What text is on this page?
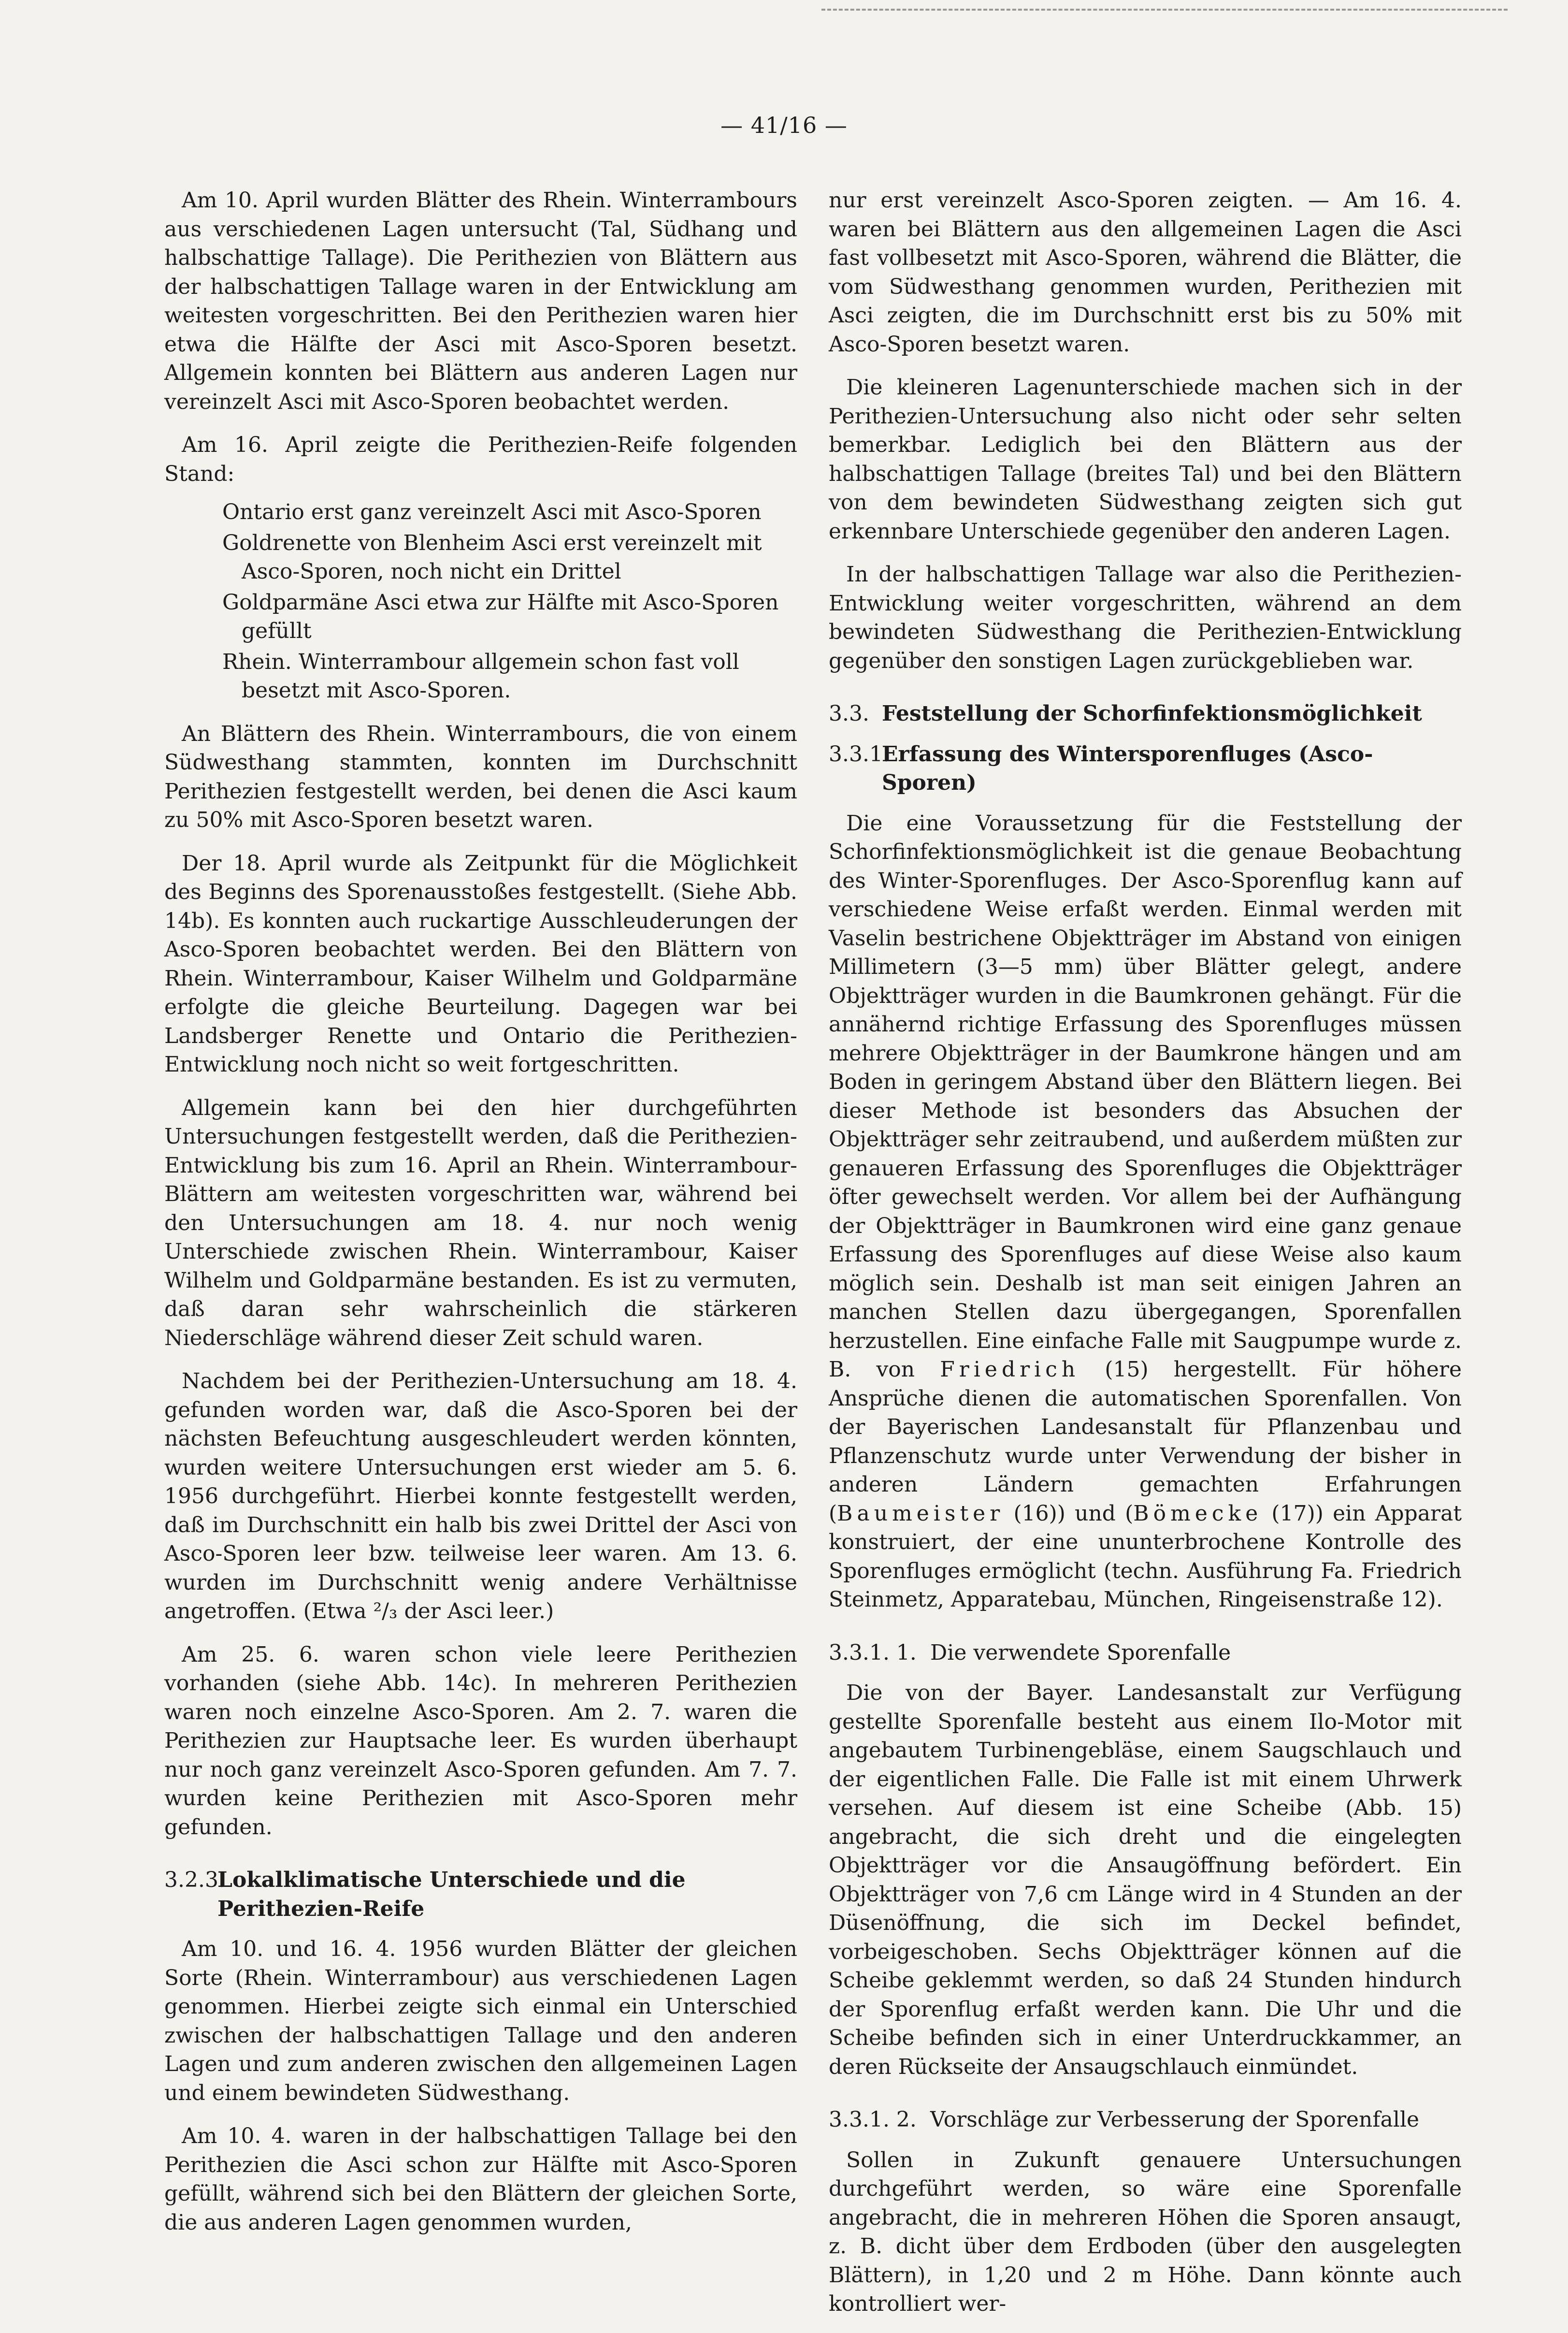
— 41/16 —

Am 10. April wurden Blätter des Rhein. Winterrambours aus verschiedenen Lagen untersucht (Tal, Südhang und halbschattige Tallage). Die Perithezien von Blättern aus der halbschattigen Tallage waren in der Entwicklung am weitesten vorgeschritten. Bei den Perithezien waren hier etwa die Hälfte der Asci mit Asco-Sporen besetzt. Allgemein konnten bei Blättern aus anderen Lagen nur vereinzelt Asci mit Asco-Sporen beobachtet werden.

Am 16. April zeigte die Perithezien-Reife folgenden Stand:

Ontario erst ganz vereinzelt Asci mit Asco-Sporen
Goldrenette von Blenheim Asci erst vereinzelt mit Asco-Sporen, noch nicht ein Drittel
Goldparmäne Asci etwa zur Hälfte mit Asco-Sporen gefüllt
Rhein. Winterrambour allgemein schon fast voll besetzt mit Asco-Sporen.

An Blättern des Rhein. Winterrambours, die von einem Südwesthang stammten, konnten im Durchschnitt Perithezien festgestellt werden, bei denen die Asci kaum zu 50% mit Asco-Sporen besetzt waren.

Der 18. April wurde als Zeitpunkt für die Möglichkeit des Beginns des Sporenausstoßes festgestellt. (Siehe Abb. 14b). Es konnten auch ruckartige Ausschleuderungen der Asco-Sporen beobachtet werden. Bei den Blättern von Rhein. Winterrambour, Kaiser Wilhelm und Goldparmäne erfolgte die gleiche Beurteilung. Dagegen war bei Landsberger Renette und Ontario die Perithezien-Entwicklung noch nicht so weit fortgeschritten.

Allgemein kann bei den hier durchgeführten Untersuchungen festgestellt werden, daß die Perithezien-Entwicklung bis zum 16. April an Rhein. Winterrambour-Blättern am weitesten vorgeschritten war, während bei den Untersuchungen am 18. 4. nur noch wenig Unterschiede zwischen Rhein. Winterrambour, Kaiser Wilhelm und Goldparmäne bestanden. Es ist zu vermuten, daß daran sehr wahrscheinlich die stärkeren Niederschläge während dieser Zeit schuld waren.

Nachdem bei der Perithezien-Untersuchung am 18. 4. gefunden worden war, daß die Asco-Sporen bei der nächsten Befeuchtung ausgeschleudert werden könnten, wurden weitere Untersuchungen erst wieder am 5. 6. 1956 durchgeführt. Hierbei konnte festgestellt werden, daß im Durchschnitt ein halb bis zwei Drittel der Asci von Asco-Sporen leer bzw. teilweise leer waren. Am 13. 6. wurden im Durchschnitt wenig andere Verhältnisse angetroffen. (Etwa ²/₃ der Asci leer.)

Am 25. 6. waren schon viele leere Perithezien vorhanden (siehe Abb. 14c). In mehreren Perithezien waren noch einzelne Asco-Sporen. Am 2. 7. waren die Perithezien zur Hauptsache leer. Es wurden überhaupt nur noch ganz vereinzelt Asco-Sporen gefunden. Am 7. 7. wurden keine Perithezien mit Asco-Sporen mehr gefunden.

3.2.3.
Lokalklimatische Unterschiede und die Perithezien-Reife

Am 10. und 16. 4. 1956 wurden Blätter der gleichen Sorte (Rhein. Winterrambour) aus verschiedenen Lagen genommen. Hierbei zeigte sich einmal ein Unterschied zwischen der halbschattigen Tallage und den anderen Lagen und zum anderen zwischen den allgemeinen Lagen und einem bewindeten Südwesthang.

Am 10. 4. waren in der halbschattigen Tallage bei den Perithezien die Asci schon zur Hälfte mit Asco-Sporen gefüllt, während sich bei den Blättern der gleichen Sorte, die aus anderen Lagen genommen wurden,

nur erst vereinzelt Asco-Sporen zeigten. — Am 16. 4. waren bei Blättern aus den allgemeinen Lagen die Asci fast vollbesetzt mit Asco-Sporen, während die Blätter, die vom Südwesthang genommen wurden, Perithezien mit Asci zeigten, die im Durchschnitt erst bis zu 50% mit Asco-Sporen besetzt waren.

Die kleineren Lagenunterschiede machen sich in der Perithezien-Untersuchung also nicht oder sehr selten bemerkbar. Lediglich bei den Blättern aus der halbschattigen Tallage (breites Tal) und bei den Blättern von dem bewindeten Südwesthang zeigten sich gut erkennbare Unterschiede gegenüber den anderen Lagen.

In der halbschattigen Tallage war also die Perithezien-Entwicklung weiter vorgeschritten, während an dem bewindeten Südwesthang die Perithezien-Entwicklung gegenüber den sonstigen Lagen zurückgeblieben war.

3.3. Feststellung der Schorfinfektionsmöglichkeit
3.3.1.
Erfassung des Wintersporenfluges (Asco-Sporen)

Die eine Voraussetzung für die Feststellung der Schorfinfektionsmöglichkeit ist die genaue Beobachtung des Winter-Sporenfluges. Der Asco-Sporenflug kann auf verschiedene Weise erfaßt werden. Einmal werden mit Vaselin bestrichene Objektträger im Abstand von einigen Millimetern (3—5 mm) über Blätter gelegt, andere Objektträger wurden in die Baumkronen gehängt. Für die annähernd richtige Erfassung des Sporenfluges müssen mehrere Objektträger in der Baumkrone hängen und am Boden in geringem Abstand über den Blättern liegen. Bei dieser Methode ist besonders das Absuchen der Objektträger sehr zeitraubend, und außerdem müßten zur genaueren Erfassung des Sporenfluges die Objektträger öfter gewechselt werden. Vor allem bei der Aufhängung der Objektträger in Baumkronen wird eine ganz genaue Erfassung des Sporenfluges auf diese Weise also kaum möglich sein. Deshalb ist man seit einigen Jahren an manchen Stellen dazu übergegangen, Sporenfallen herzustellen. Eine einfache Falle mit Saugpumpe wurde z. B. von Friedrich (15) hergestellt. Für höhere Ansprüche dienen die automatischen Sporenfallen. Von der Bayerischen Landesanstalt für Pflanzenbau und Pflanzenschutz wurde unter Verwendung der bisher in anderen Ländern gemachten Erfahrungen (Baumeister (16)) und (Bömecke (17)) ein Apparat konstruiert, der eine ununterbrochene Kontrolle des Sporenfluges ermöglicht (techn. Ausführung Fa. Friedrich Steinmetz, Apparatebau, München, Ringeisenstraße 12).

3.3.1. 1. Die verwendete Sporenfalle

Die von der Bayer. Landesanstalt zur Verfügung gestellte Sporenfalle besteht aus einem Ilo-Motor mit angebautem Turbinengebläse, einem Saugschlauch und der eigentlichen Falle. Die Falle ist mit einem Uhrwerk versehen. Auf diesem ist eine Scheibe (Abb. 15) angebracht, die sich dreht und die eingelegten Objektträger vor die Ansaugöffnung befördert. Ein Objektträger von 7,6 cm Länge wird in 4 Stunden an der Düsenöffnung, die sich im Deckel befindet, vorbeigeschoben. Sechs Objektträger können auf die Scheibe geklemmt werden, so daß 24 Stunden hindurch der Sporenflug erfaßt werden kann. Die Uhr und die Scheibe befinden sich in einer Unterdruckkammer, an deren Rückseite der Ansaugschlauch einmündet.

3.3.1. 2. Vorschläge zur Verbesserung der Sporenfalle

Sollen in Zukunft genauere Untersuchungen durchgeführt werden, so wäre eine Sporenfalle angebracht, die in mehreren Höhen die Sporen ansaugt, z. B. dicht über dem Erdboden (über den ausgelegten Blättern), in 1,20 und 2 m Höhe. Dann könnte auch kontrolliert wer-
